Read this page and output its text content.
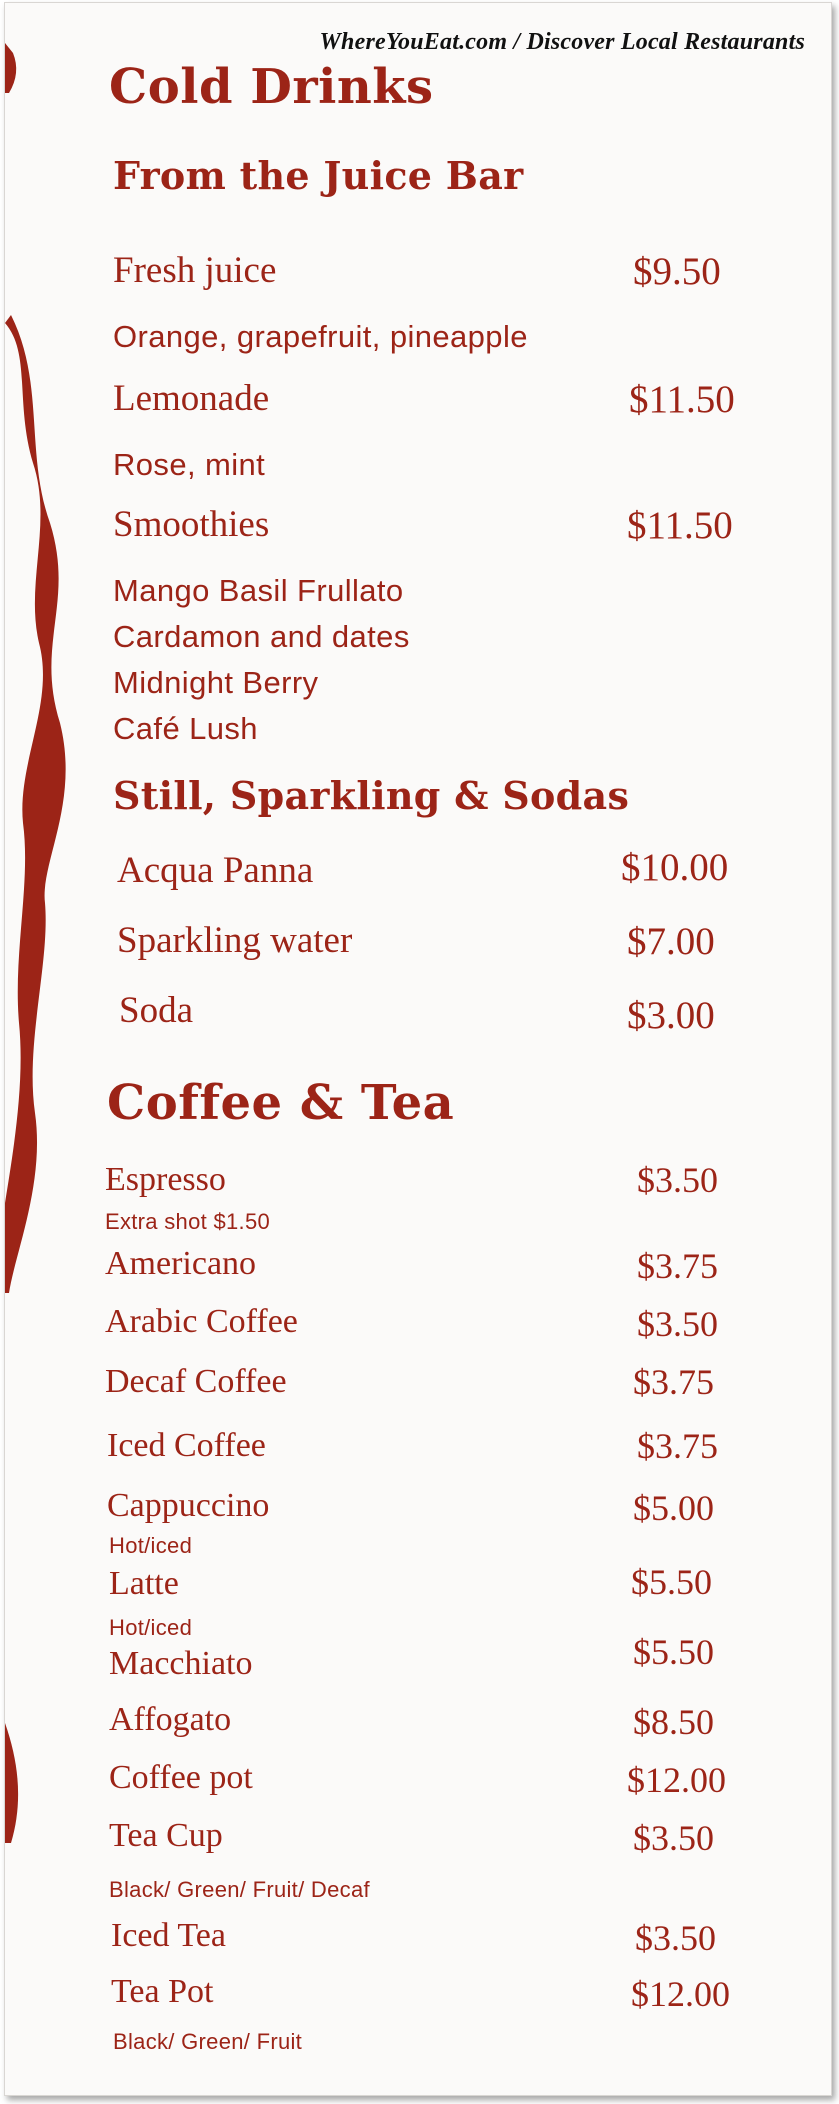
WhereYouEat.com / Discover Local Restaurants
Cold Drinks
From the Juice Bar
Fresh juice	$9.50
Orange, grapefruit, pineapple
Lemonade	$11.50
Rose, mint
Smoothies	$11.50
Mango Basil Frullato
Cardamon and dates
Midnight Berry
Café Lush
Still, Sparkling & Sodas
Acqua Panna	$10.00
Sparkling water	$7.00
Soda	$3.00
Coffee & Tea
Espresso	$3.50
Extra shot $1.50
Americano	$3.75
Arabic Coffee	$3.50
Decaf Coffee	$3.75
Iced Coffee	$3.75
Cappuccino	$5.00
Hot/iced
Latte	$5.50
Hot/iced
Macchiato	$5.50
Affogato	$8.50
Coffee pot	$12.00
Tea Cup	$3.50
Black/ Green/ Fruit/ Decaf
Iced Tea	$3.50
Tea Pot	$12.00
Black/ Green/ Fruit
